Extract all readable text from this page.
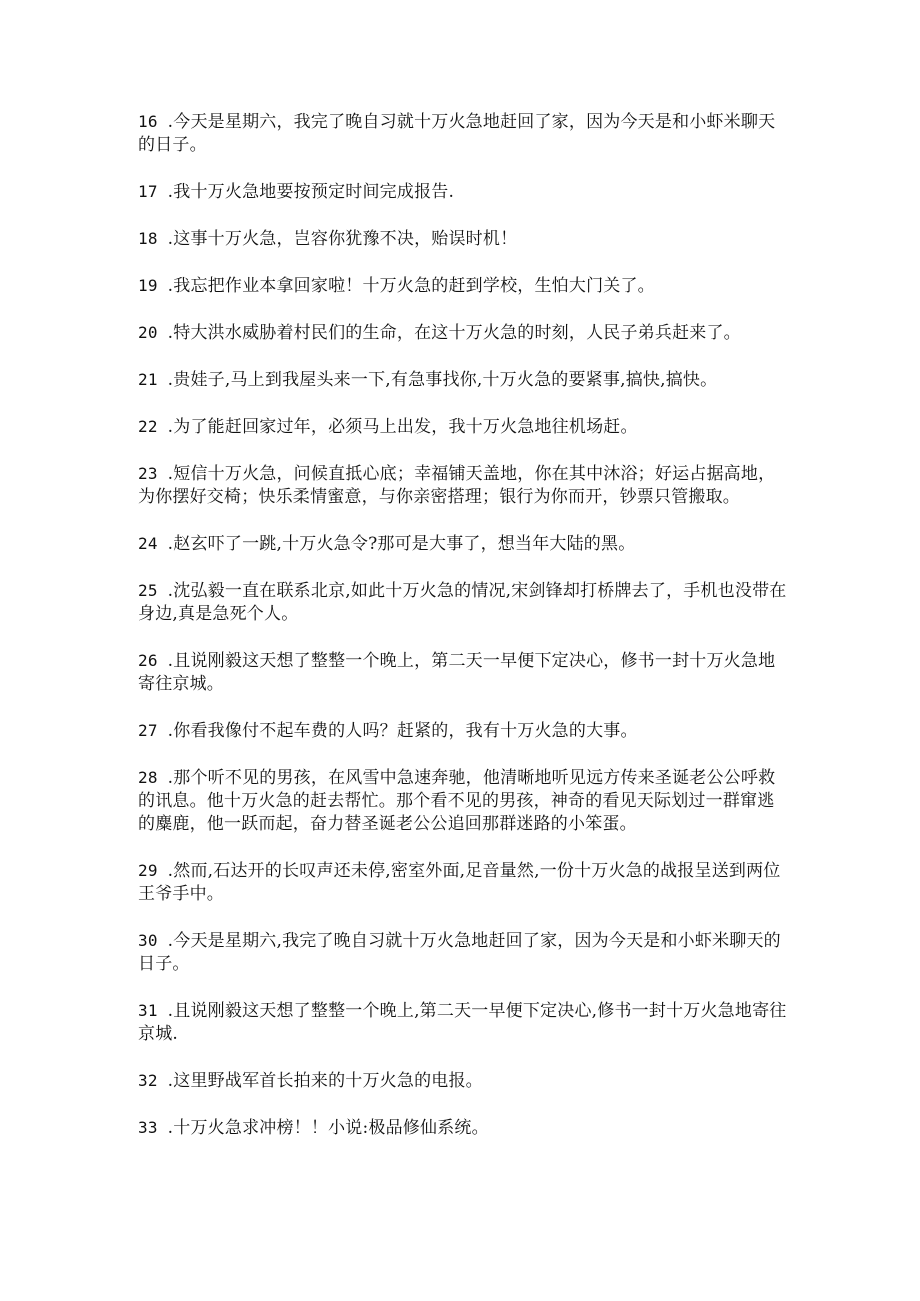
16 .今天是星期六，我完了晚自习就十万火急地赶回了家，因为今天是和小虾米聊天的日子。
17 .我十万火急地要按预定时间完成报告.
18 .这事十万火急，岂容你犹豫不决，贻误时机！
19 .我忘把作业本拿回家啦！十万火急的赶到学校，生怕大门关了。
20 .特大洪水威胁着村民们的生命，在这十万火急的时刻，人民子弟兵赶来了。
21 .贵娃子,马上到我屋头来一下,有急事找你,十万火急的要紧事,搞快,搞快。
22 .为了能赶回家过年，必须马上出发，我十万火急地往机场赶。
23 .短信十万火急，问候直抵心底；幸福铺天盖地，你在其中沐浴；好运占据高地，为你摆好交椅；快乐柔情蜜意，与你亲密搭理；银行为你而开，钞票只管搬取。
24 .赵玄吓了一跳,十万火急令?那可是大事了，想当年大陆的黑。
25 .沈弘毅一直在联系北京,如此十万火急的情况,宋剑锋却打桥牌去了，手机也没带在身边,真是急死个人。
26 .且说刚毅这天想了整整一个晚上，第二天一早便下定决心，修书一封十万火急地寄往京城。
27 .你看我像付不起车费的人吗？赶紧的，我有十万火急的大事。
28 .那个听不见的男孩，在风雪中急速奔驰，他清晰地听见远方传来圣诞老公公呼救的讯息。他十万火急的赶去帮忙。那个看不见的男孩，神奇的看见天际划过一群窜逃的麋鹿，他一跃而起，奋力替圣诞老公公追回那群迷路的小笨蛋。
29 .然而,石达开的长叹声还未停,密室外面,足音量然,一份十万火急的战报呈送到两位王爷手中。
30 .今天是星期六,我完了晚自习就十万火急地赶回了家，因为今天是和小虾米聊天的日子。
31 .且说刚毅这天想了整整一个晚上,第二天一早便下定决心,修书一封十万火急地寄往京城.
32 .这里野战军首长拍来的十万火急的电报。
33 .十万火急求冲榜！！小说:极品修仙系统。
